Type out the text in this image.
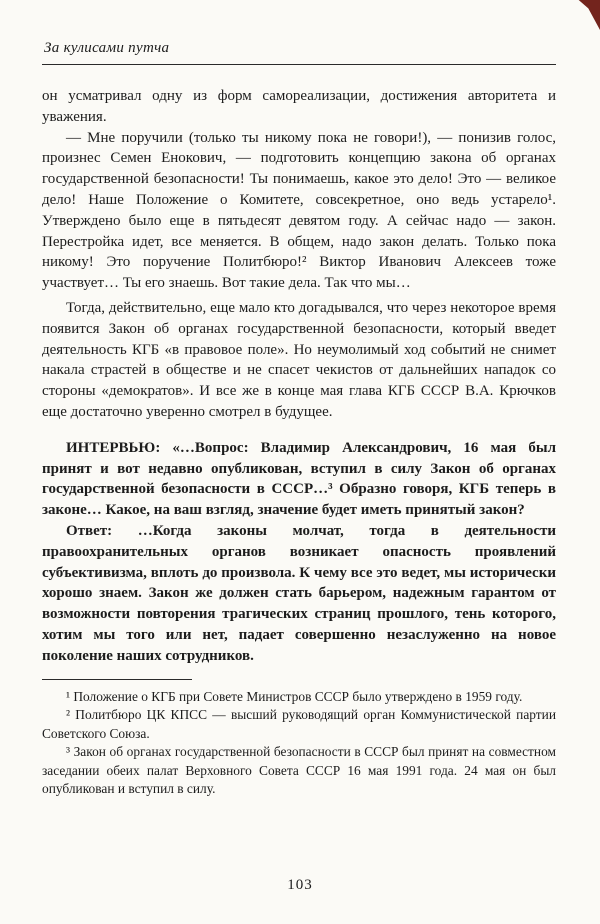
За кулисами путча

он усматривал одну из форм самореализации, достижения авторитета и уважения.

— Мне поручили (только ты никому пока не говори!), — понизив голос, произнес Семен Енокович, — подготовить концепцию закона об органах государственной безопасности! Ты понимаешь, какое это дело! Это — великое дело! Наше Положение о Комитете, совсекретное, оно ведь устарело¹. Утверждено было еще в пятьдесят девятом году. А сейчас надо — закон. Перестройка идет, все меняется. В общем, надо закон делать. Только пока никому! Это поручение Политбюро!² Виктор Иванович Алексеев тоже участвует… Ты его знаешь. Вот такие дела. Так что мы…

Тогда, действительно, еще мало кто догадывался, что через некоторое время появится Закон об органах государственной безопасности, который введет деятельность КГБ «в правовое поле». Но неумолимый ход событий не снимет накала страстей в обществе и не спасет чекистов от дальнейших нападок со стороны «демократов». И все же в конце мая глава КГБ СССР В.А. Крючков еще достаточно уверенно смотрел в будущее.

ИНТЕРВЬЮ: «…Вопрос: Владимир Александрович, 16 мая был принят и вот недавно опубликован, вступил в силу Закон об органах государственной безопасности в СССР…³ Образно говоря, КГБ теперь в законе… Какое, на ваш взгляд, значение будет иметь принятый закон?

Ответ: …Когда законы молчат, тогда в деятельности правоохранительных органов возникает опасность проявлений субъективизма, вплоть до произвола. К чему все это ведет, мы исторически хорошо знаем. Закон же должен стать барьером, надежным гарантом от возможности повторения трагических страниц прошлого, тень которого, хотим мы того или нет, падает совершенно незаслуженно на новое поколение наших сотрудников.

¹ Положение о КГБ при Совете Министров СССР было утверждено в 1959 году.

² Политбюро ЦК КПСС — высший руководящий орган Коммунистической партии Советского Союза.

³ Закон об органах государственной безопасности в СССР был принят на совместном заседании обеих палат Верховного Совета СССР 16 мая 1991 года. 24 мая он был опубликован и вступил в силу.

103
